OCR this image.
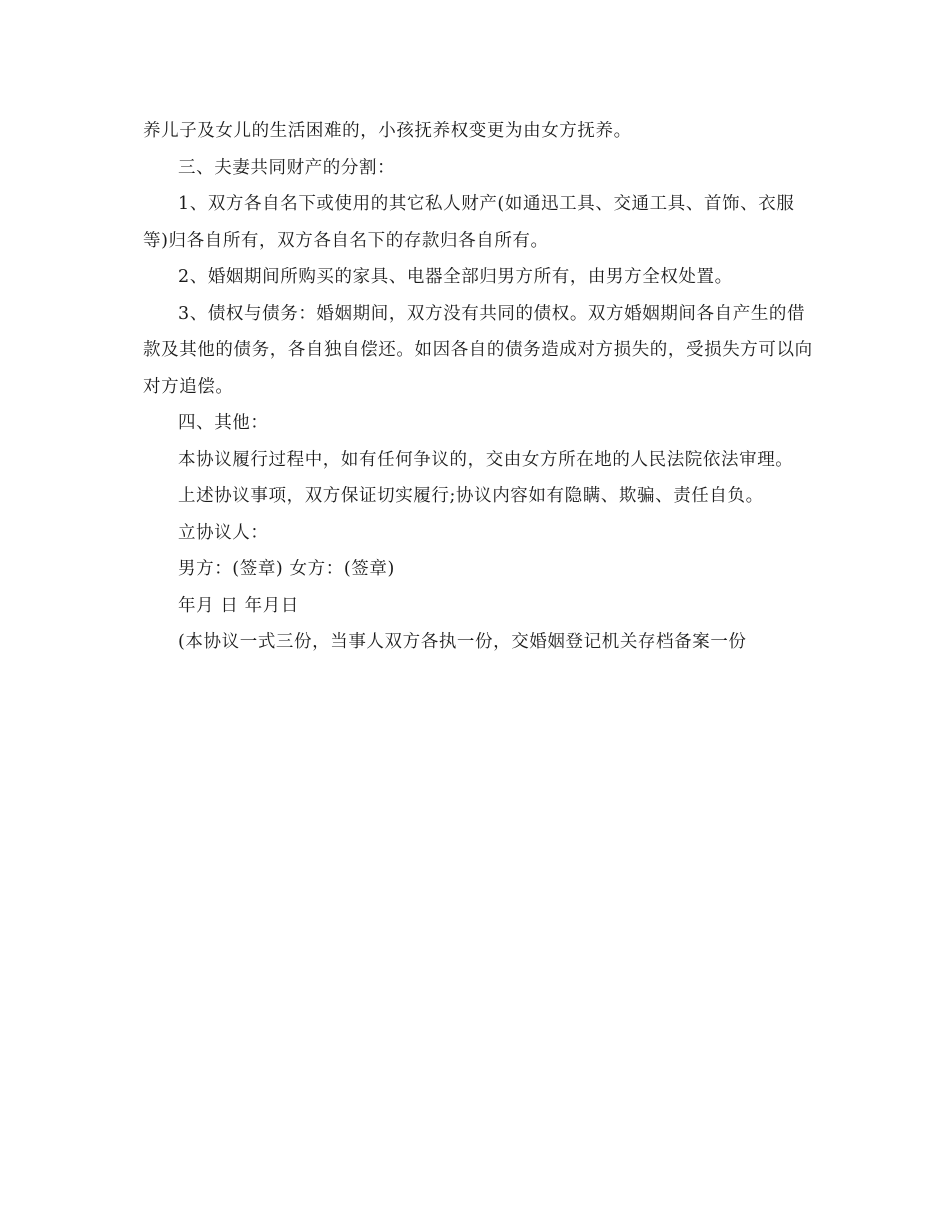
养儿子及女儿的生活困难的，小孩抚养权变更为由女方抚养。

三、夫妻共同财产的分割：

1、双方各自名下或使用的其它私人财产(如通迅工具、交通工具、首饰、衣服等)归各自所有，双方各自名下的存款归各自所有。

2、婚姻期间所购买的家具、电器全部归男方所有，由男方全权处置。

3、债权与债务：婚姻期间，双方没有共同的债权。双方婚姻期间各自产生的借款及其他的债务，各自独自偿还。如因各自的债务造成对方损失的，受损失方可以向对方追偿。

四、其他：

本协议履行过程中，如有任何争议的，交由女方所在地的人民法院依法审理。

上述协议事项，双方保证切实履行;协议内容如有隐瞒、欺骗、责任自负。

立协议人：

男方：(签章) 女方：(签章)

年月 日 年月日

(本协议一式三份，当事人双方各执一份，交婚姻登记机关存档备案一份
